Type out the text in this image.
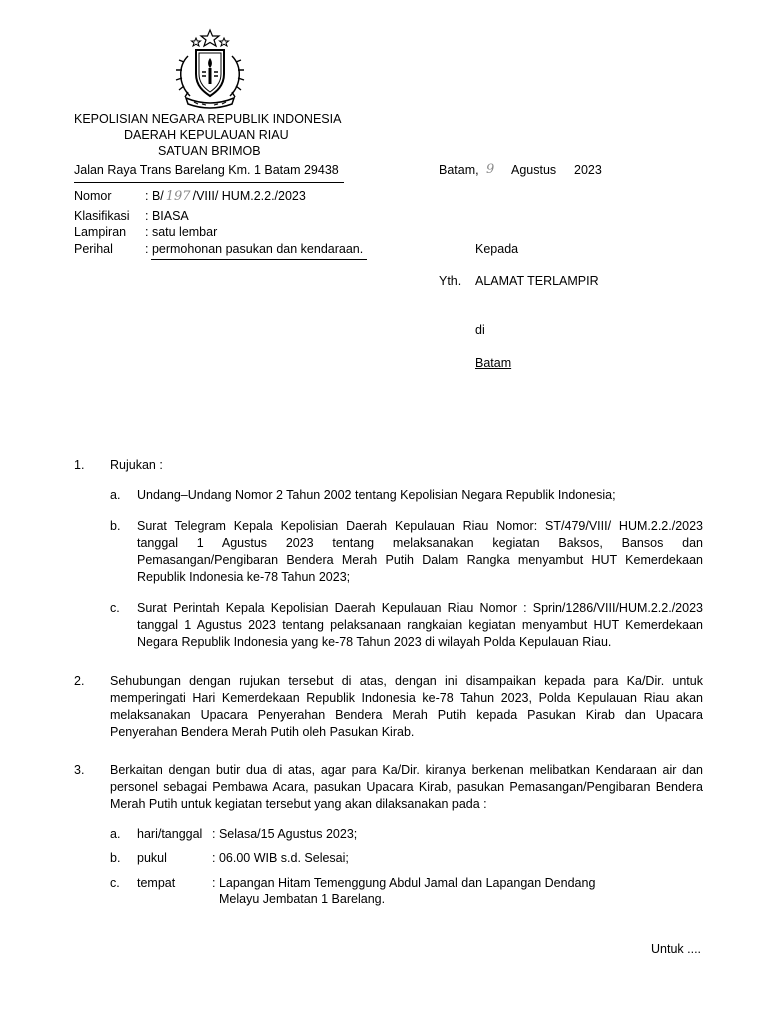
KEPOLISIAN NEGARA REPUBLIK INDONESIA
DAERAH KEPULAUAN RIAU
SATUAN BRIMOB
Jalan Raya Trans Barelang Km. 1 Batam 29438	Batam, 9 Agustus 2023
Nomor	: B/ 197 /VIII/ HUM.2.2./2023
Klasifikasi : BIASA
Lampiran : satu lembar
Perihal	: permohonan pasukan dan kendaraan.	Kepada
Yth. ALAMAT TERLAMPIR
di
Batam
1. Rujukan :
a. Undang–Undang Nomor 2 Tahun 2002 tentang Kepolisian Negara Republik Indonesia;
b. Surat Telegram Kepala Kepolisian Daerah Kepulauan Riau Nomor: ST/479/VIII/ HUM.2.2./2023 tanggal 1 Agustus 2023 tentang melaksanakan kegiatan Baksos, Bansos dan Pemasangan/Pengibaran Bendera Merah Putih Dalam Rangka menyambut HUT Kemerdekaan Republik Indonesia ke-78 Tahun 2023;
c. Surat Perintah Kepala Kepolisian Daerah Kepulauan Riau Nomor : Sprin/1286/VIII/HUM.2.2./2023 tanggal 1 Agustus 2023 tentang pelaksanaan rangkaian kegiatan menyambut HUT Kemerdekaan Negara Republik Indonesia yang ke-78 Tahun 2023 di wilayah Polda Kepulauan Riau.
2. Sehubungan dengan rujukan tersebut di atas, dengan ini disampaikan kepada para Ka/Dir. untuk memperingati Hari Kemerdekaan Republik Indonesia ke-78 Tahun 2023, Polda Kepulauan Riau akan melaksanakan Upacara Penyerahan Bendera Merah Putih kepada Pasukan Kirab dan Upacara Penyerahan Bendera Merah Putih oleh Pasukan Kirab.
3. Berkaitan dengan butir dua di atas, agar para Ka/Dir. kiranya berkenan melibatkan Kendaraan air dan personel sebagai Pembawa Acara, pasukan Upacara Kirab, pasukan Pemasangan/Pengibaran Bendera Merah Putih untuk kegiatan tersebut yang akan dilaksanakan pada :
a. hari/tanggal : Selasa/15 Agustus 2023;
b. pukul	: 06.00 WIB s.d. Selesai;
c. tempat	: Lapangan Hitam Temenggung Abdul Jamal dan Lapangan Dendang
Melayu Jembatan 1 Barelang.
Untuk ....
